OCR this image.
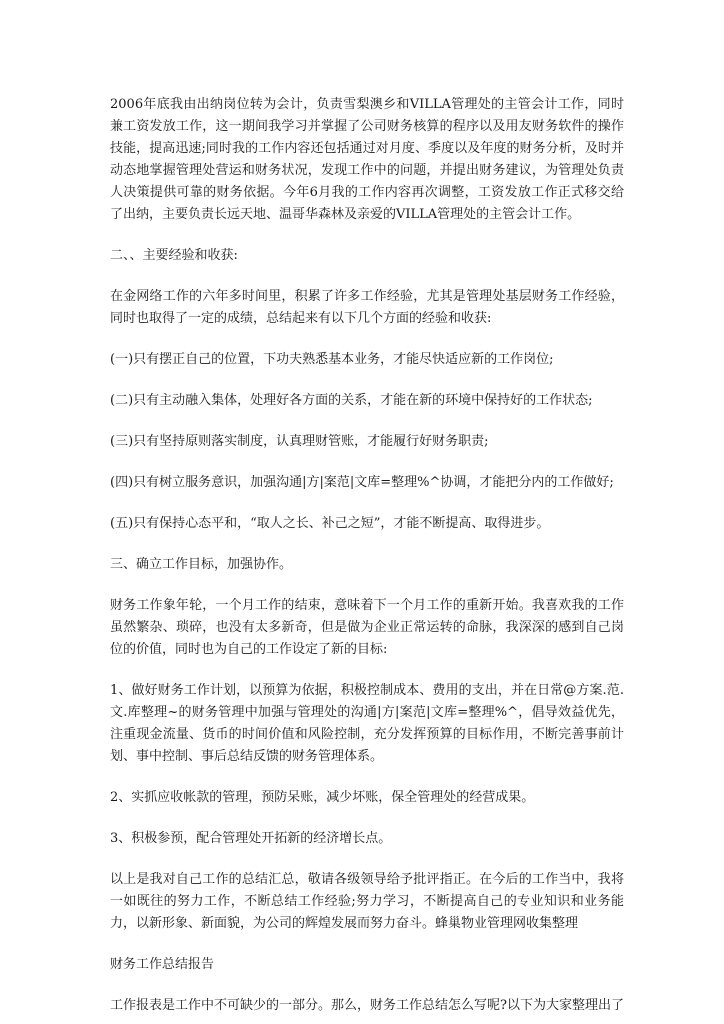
2006年底我由出纳岗位转为会计，负责雪梨澳乡和VILLA管理处的主管会计工作，同时兼工资发放工作，这一期间我学习并掌握了公司财务核算的程序以及用友财务软件的操作技能，提高迅速;同时我的工作内容还包括通过对月度、季度以及年度的财务分析，及时并动态地掌握管理处营运和财务状况，发现工作中的问题，并提出财务建议，为管理处负责人决策提供可靠的财务依据。今年6月我的工作内容再次调整，工资发放工作正式移交给了出纳，主要负责长远天地、温哥华森林及亲爱的VILLA管理处的主管会计工作。

二、、主要经验和收获:

在金网络工作的六年多时间里，积累了许多工作经验，尤其是管理处基层财务工作经验，同时也取得了一定的成绩，总结起来有以下几个方面的经验和收获:

(一)只有摆正自己的位置，下功夫熟悉基本业务，才能尽快适应新的工作岗位;

(二)只有主动融入集体，处理好各方面的关系，才能在新的环境中保持好的工作状态;

(三)只有坚持原则落实制度，认真理财管账，才能履行好财务职责;

(四)只有树立服务意识，加强沟通|方|案范|文库=整理%^协调，才能把分内的工作做好;

(五)只有保持心态平和，“取人之长、补己之短”，才能不断提高、取得进步。

三、确立工作目标，加强协作。

财务工作象年轮，一个月工作的结束，意味着下一个月工作的重新开始。我喜欢我的工作虽然繁杂、琐碎，也没有太多新奇，但是做为企业正常运转的命脉，我深深的感到自己岗位的价值，同时也为自己的工作设定了新的目标:

1、做好财务工作计划，以预算为依据，积极控制成本、费用的支出，并在日常@方案.范.文.库整理~的财务管理中加强与管理处的沟通|方|案范|文库=整理%^，倡导效益优先，注重现金流量、货币的时间价值和风险控制，充分发挥预算的目标作用，不断完善事前计划、事中控制、事后总结反馈的财务管理体系。

2、实抓应收帐款的管理，预防呆账，减少坏账，保全管理处的经营成果。

3、积极参预，配合管理处开拓新的经济增长点。

以上是我对自己工作的总结汇总，敬请各级领导给予批评指正。在今后的工作当中，我将一如既往的努力工作，不断总结工作经验;努力学习，不断提高自己的专业知识和业务能力，以新形象、新面貌，为公司的辉煌发展而努力奋斗。蜂巢物业管理网收集整理

财务工作总结报告

工作报表是工作中不可缺少的一部分。那么，财务工作总结怎么写呢?以下为大家整理出了
